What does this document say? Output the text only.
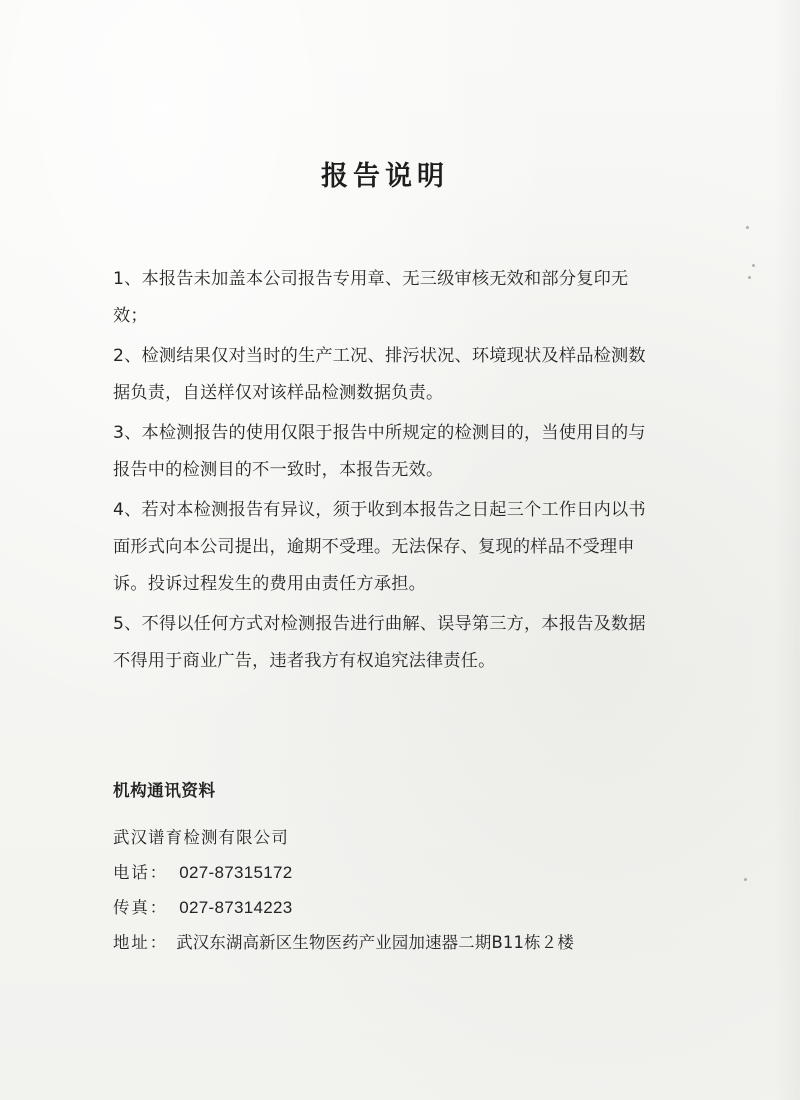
报告说明

1、本报告未加盖本公司报告专用章、无三级审核无效和部分复印无效；

2、检测结果仅对当时的生产工况、排污状况、环境现状及样品检测数据负责，自送样仅对该样品检测数据负责。

3、本检测报告的使用仅限于报告中所规定的检测目的，当使用目的与报告中的检测目的不一致时，本报告无效。

4、若对本检测报告有异议，须于收到本报告之日起三个工作日内以书面形式向本公司提出，逾期不受理。无法保存、复现的样品不受理申诉。投诉过程发生的费用由责任方承担。

5、不得以任何方式对检测报告进行曲解、误导第三方，本报告及数据不得用于商业广告，违者我方有权追究法律责任。

机构通讯资料
武汉谱育检测有限公司
电话： 027-87315172
传真： 027-87314223
地址： 武汉东湖高新区生物医药产业园加速器二期B11栋２楼
